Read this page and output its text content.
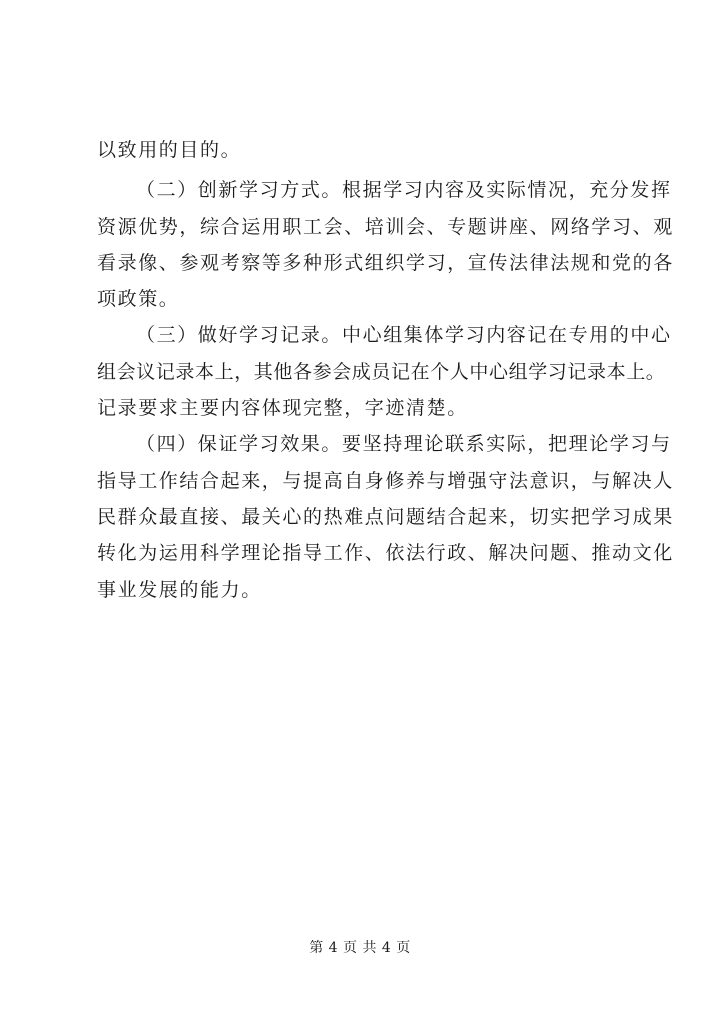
以致用的目的。
（二）创新学习方式。根据学习内容及实际情况，充分发挥
资源优势，综合运用职工会、培训会、专题讲座、网络学习、观
看录像、参观考察等多种形式组织学习，宣传法律法规和党的各
项政策。
（三）做好学习记录。中心组集体学习内容记在专用的中心
组会议记录本上，其他各参会成员记在个人中心组学习记录本上。
记录要求主要内容体现完整，字迹清楚。
（四）保证学习效果。要坚持理论联系实际，把理论学习与
指导工作结合起来，与提高自身修养与增强守法意识，与解决人
民群众最直接、最关心的热难点问题结合起来，切实把学习成果
转化为运用科学理论指导工作、依法行政、解决问题、推动文化
事业发展的能力。
第 4 页 共 4 页
